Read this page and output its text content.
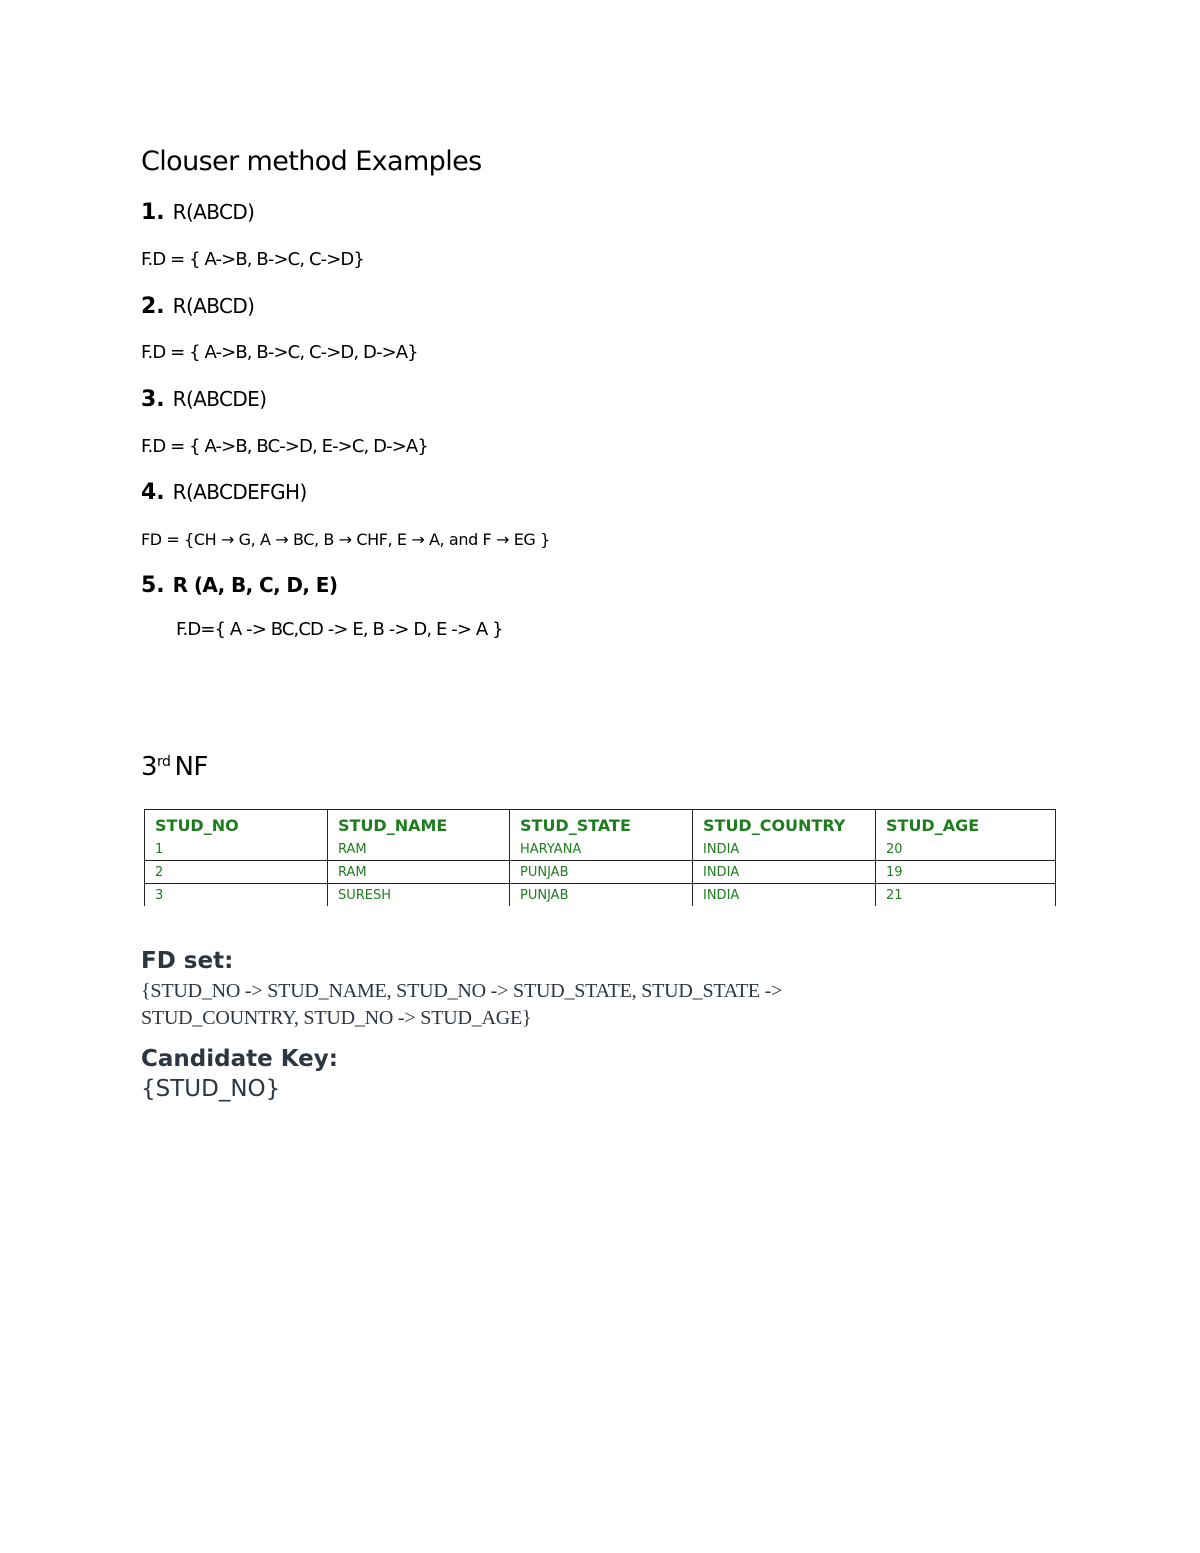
Clouser method Examples
1. R(ABCD)
F.D = { A->B, B->C, C->D}
2. R(ABCD)
F.D = { A->B, B->C, C->D, D->A}
3. R(ABCDE)
F.D = { A->B, BC->D, E->C, D->A}
4. R(ABCDEFGH)
FD = {CH → G, A → BC, B → CHF, E → A, and F → EG }
5. R (A, B, C, D, E)
F.D={ A -> BC,CD -> E, B -> D, E -> A }
3rd NF
STUD_NO	STUD_NAME	STUD_STATE	STUD_COUNTRY	STUD_AGE
1	RAM	HARYANA	INDIA	20
2	RAM	PUNJAB	INDIA	19
3	SURESH	PUNJAB	INDIA	21
FD set:
{STUD_NO -> STUD_NAME, STUD_NO -> STUD_STATE, STUD_STATE ->
STUD_COUNTRY, STUD_NO -> STUD_AGE}
Candidate Key:
{STUD_NO}
